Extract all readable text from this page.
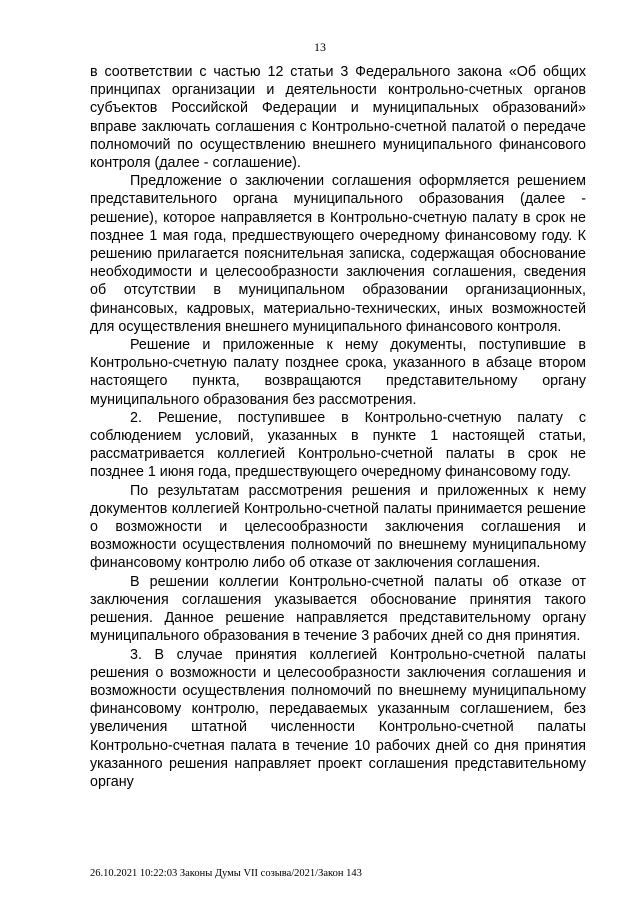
13

в соответствии с частью 12 статьи 3 Федерального закона «Об общих принципах организации и деятельности контрольно-счетных органов субъектов Российской Федерации и муниципальных образований» вправе заключать соглашения с Контрольно-счетной палатой о передаче полномочий по осуществлению внешнего муниципального финансового контроля (далее - соглашение).

Предложение о заключении соглашения оформляется решением представительного органа муниципального образования (далее - решение), которое направляется в Контрольно-счетную палату в срок не позднее 1 мая года, предшествующего очередному финансовому году. К решению прилагается пояснительная записка, содержащая обоснование необходимости и целесообразности заключения соглашения, сведения об отсутствии в муниципальном образовании организационных, финансовых, кадровых, материально-технических, иных возможностей для осуществления внешнего муниципального финансового контроля.

Решение и приложенные к нему документы, поступившие в Контрольно-счетную палату позднее срока, указанного в абзаце втором настоящего пункта, возвращаются представительному органу муниципального образования без рассмотрения.

2. Решение, поступившее в Контрольно-счетную палату с соблюдением условий, указанных в пункте 1 настоящей статьи, рассматривается коллегией Контрольно-счетной палаты в срок не позднее 1 июня года, предшествующего очередному финансовому году.

По результатам рассмотрения решения и приложенных к нему документов коллегией Контрольно-счетной палаты принимается решение о возможности и целесообразности заключения соглашения и возможности осуществления полномочий по внешнему муниципальному финансовому контролю либо об отказе от заключения соглашения.

В решении коллегии Контрольно-счетной палаты об отказе от заключения соглашения указывается обоснование принятия такого решения. Данное решение направляется представительному органу муниципального образования в течение 3 рабочих дней со дня принятия.

3. В случае принятия коллегией Контрольно-счетной палаты решения о возможности и целесообразности заключения соглашения и возможности осуществления полномочий по внешнему муниципальному финансовому контролю, передаваемых указанным соглашением, без увеличения штатной численности Контрольно-счетной палаты Контрольно-счетная палата в течение 10 рабочих дней со дня принятия указанного решения направляет проект соглашения представительному органу

26.10.2021 10:22:03 Законы Думы VII созыва/2021/Закон 143
